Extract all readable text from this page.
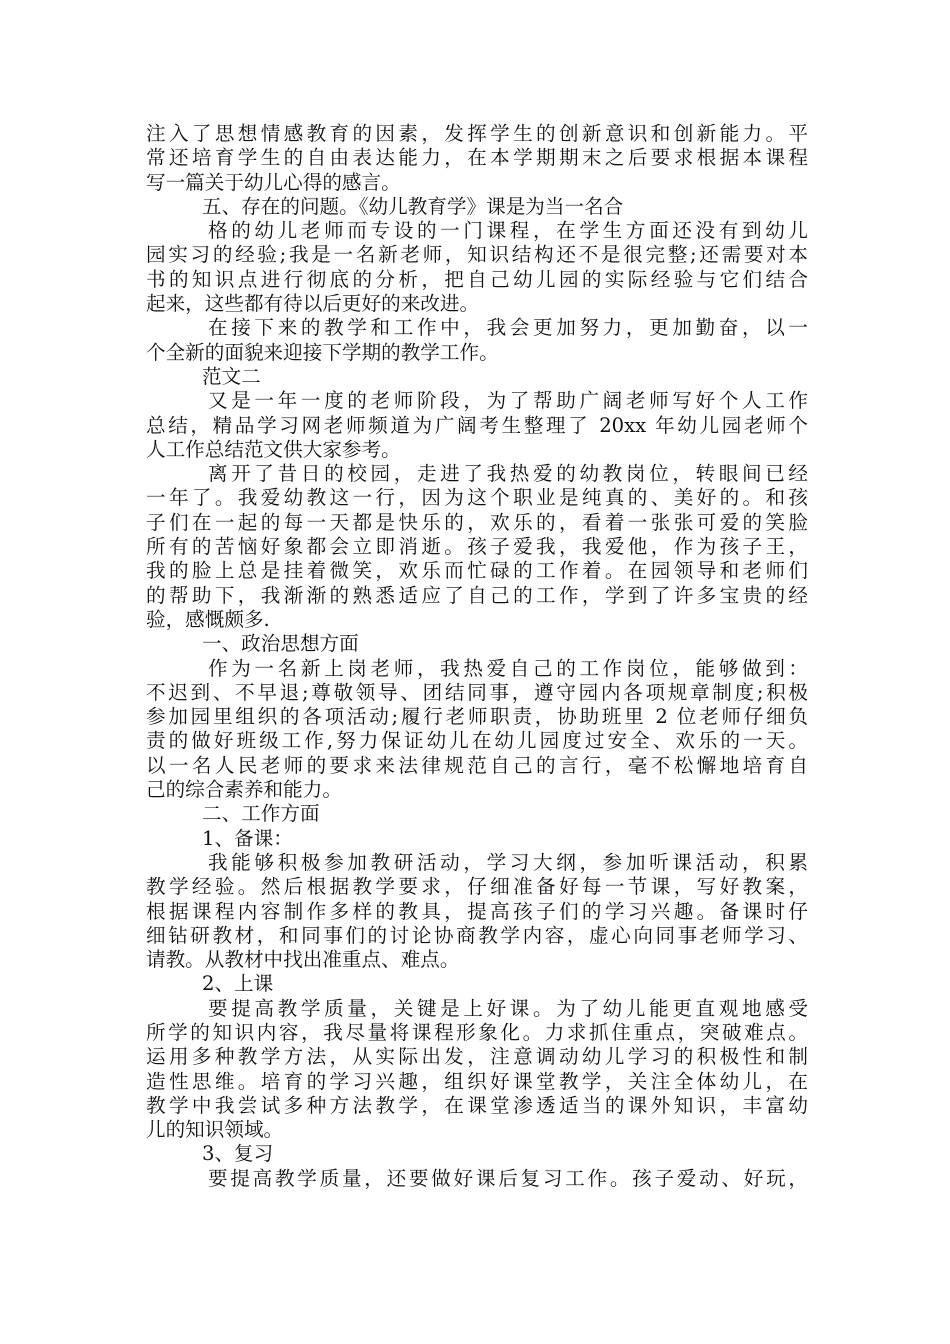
注入了思想情感教育的因素，发挥学生的创新意识和创新能力。平
常还培育学生的自由表达能力，在本学期期末之后要求根据本课程
写一篇关于幼儿心得的感言。
五、存在的问题。《幼儿教育学》课是为当一名合
格的幼儿老师而专设的一门课程，在学生方面还没有到幼儿
园实习的经验;我是一名新老师，知识结构还不是很完整;还需要对本
书的知识点进行彻底的分析，把自己幼儿园的实际经验与它们结合
起来，这些都有待以后更好的来改进。
在接下来的教学和工作中，我会更加努力，更加勤奋，以一
个全新的面貌来迎接下学期的教学工作。
范文二
又是一年一度的老师阶段，为了帮助广阔老师写好个人工作
总结，精品学习网老师频道为广阔考生整理了 20xx 年幼儿园老师个
人工作总结范文供大家参考。
离开了昔日的校园，走进了我热爱的幼教岗位，转眼间已经
一年了。我爱幼教这一行，因为这个职业是纯真的、美好的。和孩
子们在一起的每一天都是快乐的，欢乐的，看着一张张可爱的笑脸
所有的苦恼好象都会立即消逝。孩子爱我，我爱他，作为孩子王，
我的脸上总是挂着微笑，欢乐而忙碌的工作着。在园领导和老师们
的帮助下，我渐渐的熟悉适应了自己的工作，学到了许多宝贵的经
验，感慨颇多.
一、政治思想方面
作为一名新上岗老师，我热爱自己的工作岗位，能够做到：
不迟到、不早退;尊敬领导、团结同事，遵守园内各项规章制度;积极
参加园里组织的各项活动;履行老师职责，协助班里 2 位老师仔细负
责的做好班级工作,努力保证幼儿在幼儿园度过安全、欢乐的一天。
以一名人民老师的要求来法律规范自己的言行，毫不松懈地培育自
己的综合素养和能力。
二、工作方面
1、备课：
我能够积极参加教研活动，学习大纲，参加听课活动，积累
教学经验。然后根据教学要求，仔细准备好每一节课，写好教案，
根据课程内容制作多样的教具，提高孩子们的学习兴趣。备课时仔
细钻研教材，和同事们的讨论协商教学内容，虚心向同事老师学习、
请教。从教材中找出准重点、难点。
2、上课
要提高教学质量，关键是上好课。为了幼儿能更直观地感受
所学的知识内容，我尽量将课程形象化。力求抓住重点，突破难点。
运用多种教学方法，从实际出发，注意调动幼儿学习的积极性和制
造性思维。培育的学习兴趣，组织好课堂教学，关注全体幼儿，在
教学中我尝试多种方法教学，在课堂渗透适当的课外知识，丰富幼
儿的知识领域。
3、复习
要提高教学质量，还要做好课后复习工作。孩子爱动、好玩，
